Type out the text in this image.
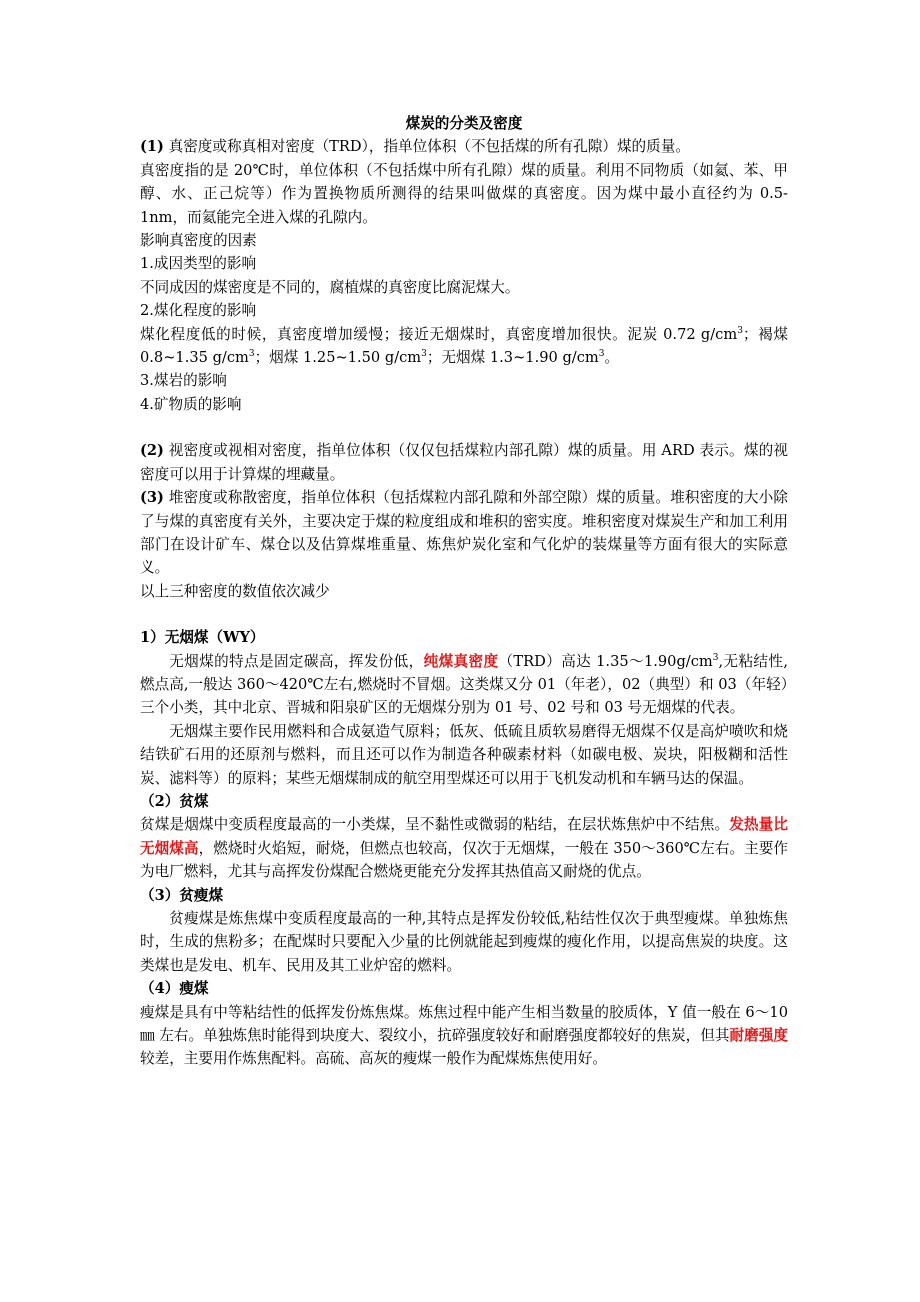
煤炭的分类及密度

(1) 真密度或称真相对密度（TRD），指单位体积（不包括煤的所有孔隙）煤的质量。

真密度指的是 20℃时，单位体积（不包括煤中所有孔隙）煤的质量。利用不同物质（如氦、苯、甲醇、水、正己烷等）作为置换物质所测得的结果叫做煤的真密度。因为煤中最小直径约为 0.5-1nm，而氦能完全进入煤的孔隙内。

影响真密度的因素

1.成因类型的影响

不同成因的煤密度是不同的，腐植煤的真密度比腐泥煤大。

2.煤化程度的影响

煤化程度低的时候，真密度增加缓慢；接近无烟煤时，真密度增加很快。泥炭 0.72 $g/cm^3$；褐煤 0.8~1.35 $g/cm^3$；烟煤 1.25~1.50 $g/cm^3$；无烟煤 1.3~1.90 $g/cm^3$。

3.煤岩的影响

4.矿物质的影响

(2) 视密度或视相对密度，指单位体积（仅仅包括煤粒内部孔隙）煤的质量。用 ARD 表示。煤的视密度可以用于计算煤的埋藏量。

(3) 堆密度或称散密度，指单位体积（包括煤粒内部孔隙和外部空隙）煤的质量。堆积密度的大小除了与煤的真密度有关外，主要决定于煤的粒度组成和堆积的密实度。堆积密度对煤炭生产和加工利用部门在设计矿车、煤仓以及估算煤堆重量、炼焦炉炭化室和气化炉的装煤量等方面有很大的实际意义。

以上三种密度的数值依次减少

1）无烟煤（WY）

无烟煤的特点是固定碳高，挥发份低，纯煤真密度（TRD）高达 $1.35\sim 1.90g/cm^3$,无粘结性,燃点高,一般达 360～420℃左右,燃烧时不冒烟。这类煤又分 01（年老），02（典型）和 03（年轻）三个小类，其中北京、晋城和阳泉矿区的无烟煤分别为 01 号、02 号和 03 号无烟煤的代表。

无烟煤主要作民用燃料和合成氨造气原料；低灰、低硫且质软易磨得无烟煤不仅是高炉喷吹和烧结铁矿石用的还原剂与燃料，而且还可以作为制造各种碳素材料（如碳电极、炭块，阳极糊和活性炭、滤料等）的原料；某些无烟煤制成的航空用型煤还可以用于飞机发动机和车辆马达的保温。

（2）贫煤

贫煤是烟煤中变质程度最高的一小类煤，呈不黏性或微弱的粘结，在层状炼焦炉中不结焦。发热量比无烟煤高，燃烧时火焰短，耐烧，但燃点也较高，仅次于无烟煤，一般在 350～360℃左右。主要作为电厂燃料，尤其与高挥发份煤配合燃烧更能充分发挥其热值高又耐烧的优点。

（3）贫瘦煤

贫瘦煤是炼焦煤中变质程度最高的一种,其特点是挥发份较低,粘结性仅次于典型瘦煤。单独炼焦时，生成的焦粉多；在配煤时只要配入少量的比例就能起到瘦煤的瘦化作用，以提高焦炭的块度。这类煤也是发电、机车、民用及其工业炉窑的燃料。

（4）瘦煤

瘦煤是具有中等粘结性的低挥发份炼焦煤。炼焦过程中能产生相当数量的胶质体，Y 值一般在 6～10㎜ 左右。单独炼焦时能得到块度大、裂纹小，抗碎强度较好和耐磨强度都较好的焦炭，但其耐磨强度较差，主要用作炼焦配料。高硫、高灰的瘦煤一般作为配煤炼焦使用好。
